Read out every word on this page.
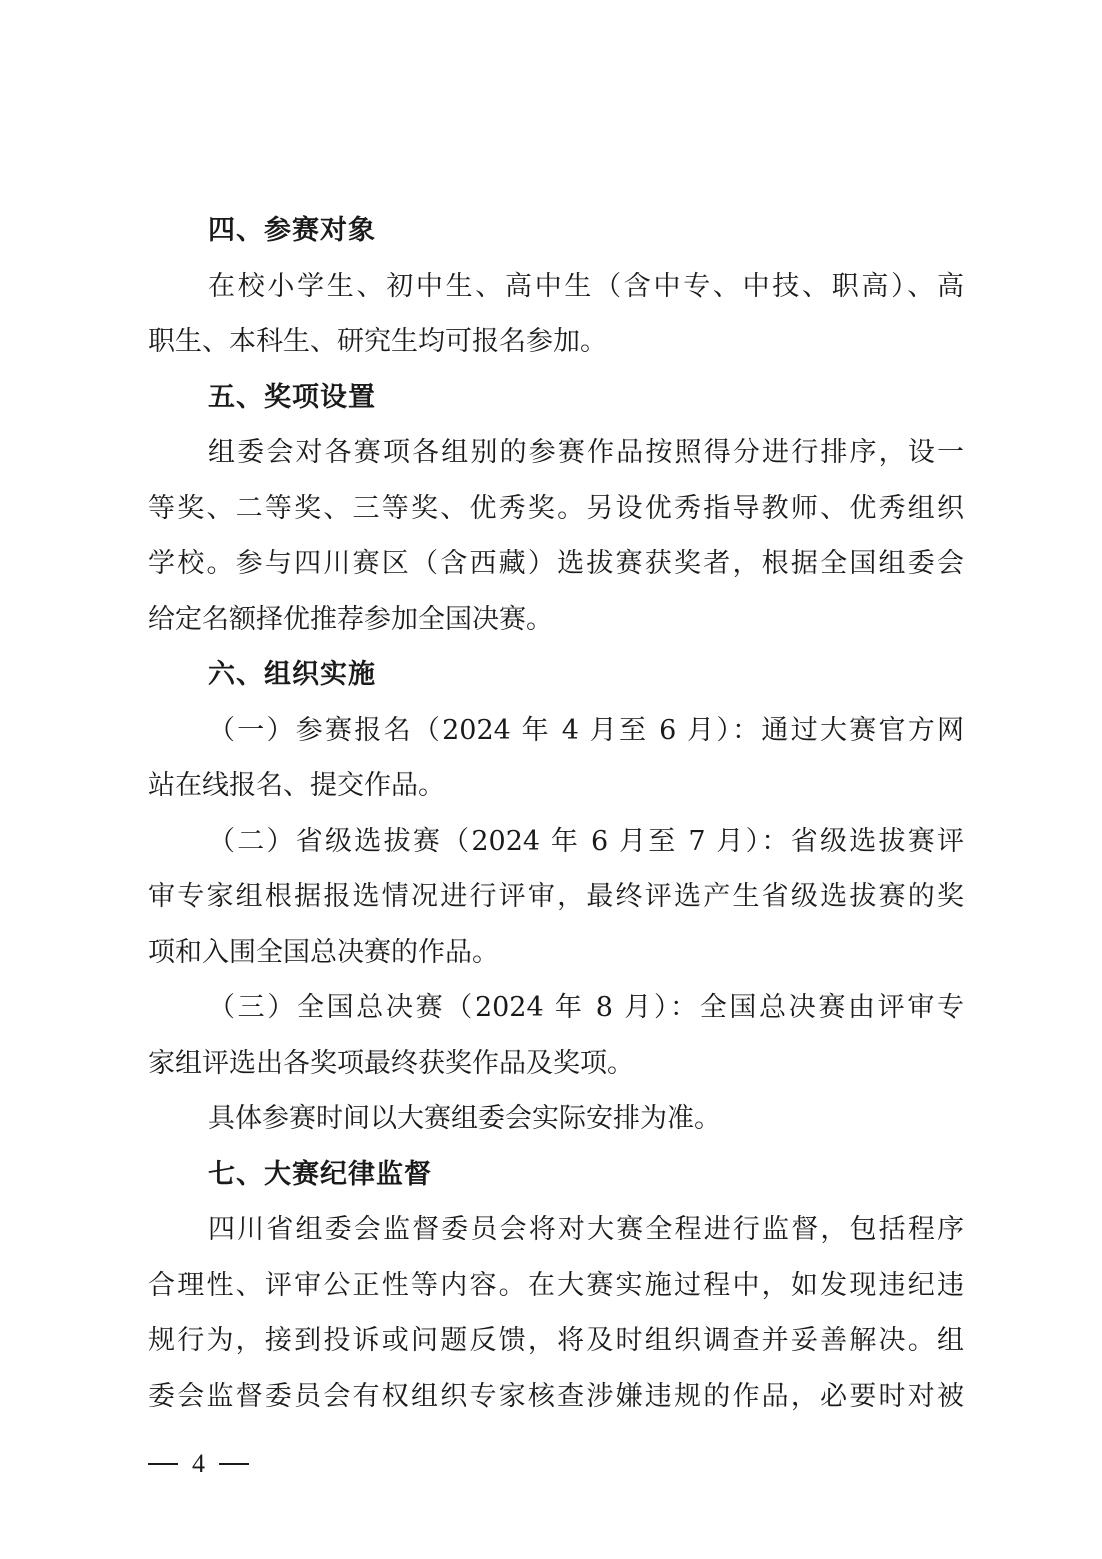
四、参赛对象
在校小学生、初中生、高中生（含中专、中技、职高）、高
职生、本科生、研究生均可报名参加。
五、奖项设置
组委会对各赛项各组别的参赛作品按照得分进行排序，设一
等奖、二等奖、三等奖、优秀奖。另设优秀指导教师、优秀组织
学校。参与四川赛区（含西藏）选拔赛获奖者，根据全国组委会
给定名额择优推荐参加全国决赛。
六、组织实施
（一）参赛报名（2024 年 4 月至 6 月）：通过大赛官方网
站在线报名、提交作品。
（二）省级选拔赛（2024 年 6 月至 7 月）：省级选拔赛评
审专家组根据报选情况进行评审，最终评选产生省级选拔赛的奖
项和入围全国总决赛的作品。
（三）全国总决赛（2024 年 8 月）：全国总决赛由评审专
家组评选出各奖项最终获奖作品及奖项。
具体参赛时间以大赛组委会实际安排为准。
七、大赛纪律监督
四川省组委会监督委员会将对大赛全程进行监督，包括程序
合理性、评审公正性等内容。在大赛实施过程中，如发现违纪违
规行为，接到投诉或问题反馈，将及时组织调查并妥善解决。组
委会监督委员会有权组织专家核查涉嫌违规的作品，必要时对被
4
